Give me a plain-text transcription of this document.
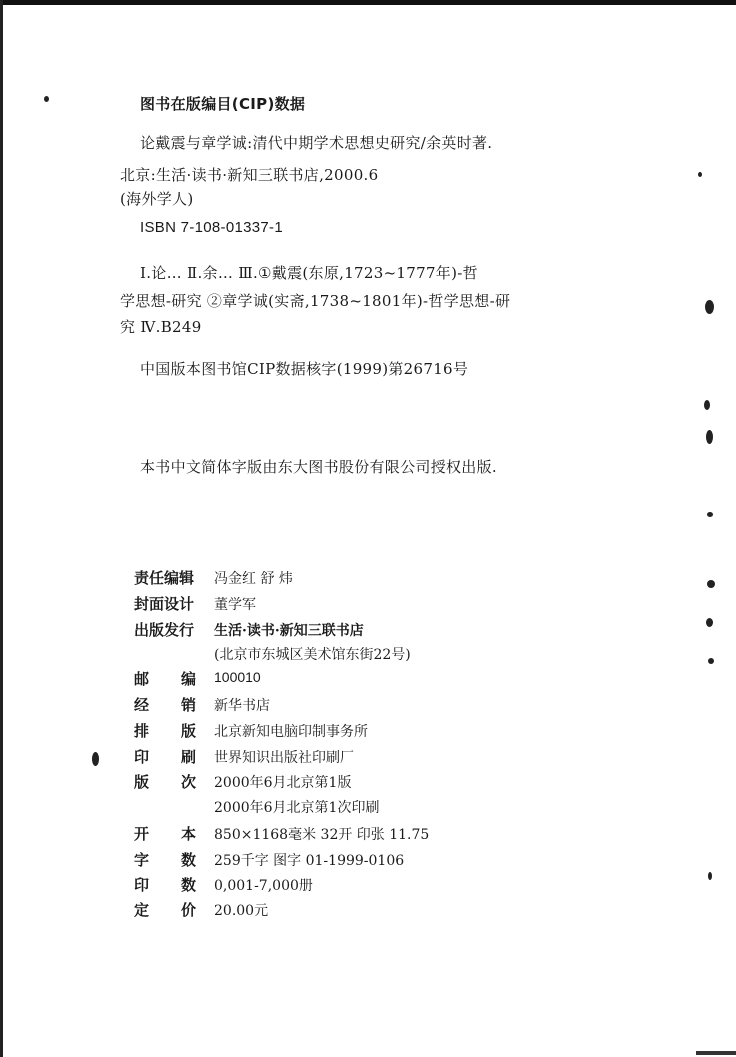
图书在版编目(CIP)数据
论戴震与章学诚:清代中期学术思想史研究/余英时著.
北京:生活·读书·新知三联书店,2000.6
(海外学人)
ISBN 7-108-01337-1
Ⅰ.论… Ⅱ.余… Ⅲ.①戴震(东原,1723~1777年)-哲
学思想-研究 ②章学诚(实斋,1738~1801年)-哲学思想-研
究 Ⅳ.B249
中国版本图书馆CIP数据核字(1999)第26716号
本书中文简体字版由东大图书股份有限公司授权出版.
责任编辑 冯金红 舒 炜
封面设计 董学军
出版发行 生活·读书·新知三联书店
(北京市东城区美术馆东街22号)
邮 编 100010
经 销 新华书店
排 版 北京新知电脑印制事务所
印 刷 世界知识出版社印刷厂
版 次 2000年6月北京第1版
2000年6月北京第1次印刷
开 本 850×1168毫米 32开 印张 11.75
字 数 259千字 图字 01-1999-0106
印 数 0,001-7,000册
定 价 20.00元
